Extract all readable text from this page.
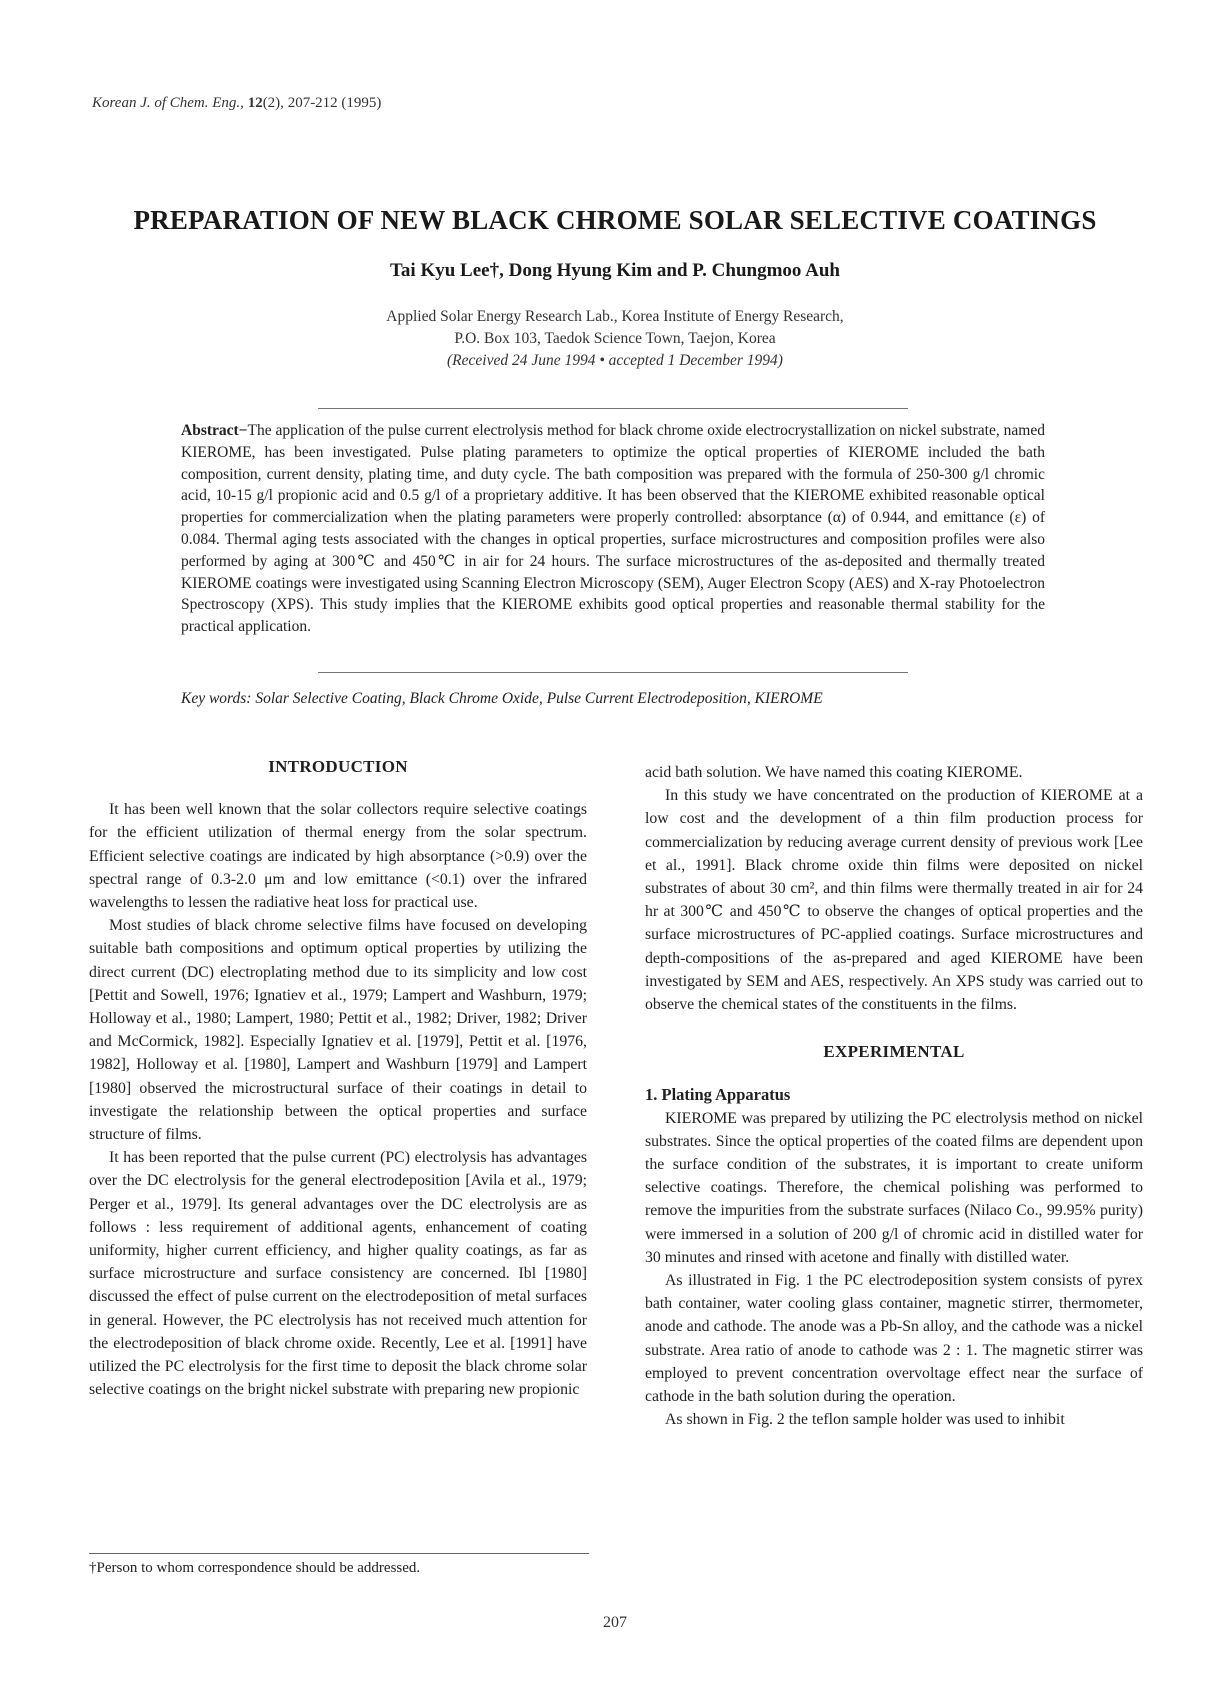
Korean J. of Chem. Eng., 12(2), 207-212 (1995)
PREPARATION OF NEW BLACK CHROME SOLAR SELECTIVE COATINGS
Tai Kyu Lee†, Dong Hyung Kim and P. Chungmoo Auh
Applied Solar Energy Research Lab., Korea Institute of Energy Research,
P.O. Box 103, Taedok Science Town, Taejon, Korea
(Received 24 June 1994 • accepted 1 December 1994)

Abstract−The application of the pulse current electrolysis method for black chrome oxide electrocrystallization on nickel substrate, named KIEROME, has been investigated. Pulse plating parameters to optimize the optical properties of KIEROME included the bath composition, current density, plating time, and duty cycle. The bath composition was prepared with the formula of 250-300 g/l chromic acid, 10-15 g/l propionic acid and 0.5 g/l of a proprietary additive. It has been observed that the KIEROME exhibited reasonable optical properties for commercialization when the plating parameters were properly controlled: absorptance (α) of 0.944, and emittance (ε) of 0.084. Thermal aging tests associated with the changes in optical properties, surface microstructures and composition profiles were also performed by aging at 300℃ and 450℃ in air for 24 hours. The surface microstructures of the as-deposited and thermally treated KIEROME coatings were investigated using Scanning Electron Microscopy (SEM), Auger Electron Scopy (AES) and X-ray Photoelectron Spectroscopy (XPS). This study implies that the KIEROME exhibits good optical properties and reasonable thermal stability for the practical application.

Key words: Solar Selective Coating, Black Chrome Oxide, Pulse Current Electrodeposition, KIEROME
INTRODUCTION

It has been well known that the solar collectors require selective coatings for the efficient utilization of thermal energy from the solar spectrum. Efficient selective coatings are indicated by high absorptance (>0.9) over the spectral range of 0.3-2.0 μm and low emittance (<0.1) over the infrared wavelengths to lessen the radiative heat loss for practical use.

Most studies of black chrome selective films have focused on developing suitable bath compositions and optimum optical properties by utilizing the direct current (DC) electroplating method due to its simplicity and low cost [Pettit and Sowell, 1976; Ignatiev et al., 1979; Lampert and Washburn, 1979; Holloway et al., 1980; Lampert, 1980; Pettit et al., 1982; Driver, 1982; Driver and McCormick, 1982]. Especially Ignatiev et al. [1979], Pettit et al. [1976, 1982], Holloway et al. [1980], Lampert and Washburn [1979] and Lampert [1980] observed the microstructural surface of their coatings in detail to investigate the relationship between the optical properties and surface structure of films.

It has been reported that the pulse current (PC) electrolysis has advantages over the DC electrolysis for the general electrodeposition [Avila et al., 1979; Perger et al., 1979]. Its general advantages over the DC electrolysis are as follows : less requirement of additional agents, enhancement of coating uniformity, higher current efficiency, and higher quality coatings, as far as surface microstructure and surface consistency are concerned. Ibl [1980] discussed the effect of pulse current on the electrodeposition of metal surfaces in general. However, the PC electrolysis has not received much attention for the electrodeposition of black chrome oxide. Recently, Lee et al. [1991] have utilized the PC electrolysis for the first time to deposit the black chrome solar selective coatings on the bright nickel substrate with preparing new propionic

acid bath solution. We have named this coating KIEROME.

In this study we have concentrated on the production of KIEROME at a low cost and the development of a thin film production process for commercialization by reducing average current density of previous work [Lee et al., 1991]. Black chrome oxide thin films were deposited on nickel substrates of about 30 cm², and thin films were thermally treated in air for 24 hr at 300℃ and 450℃ to observe the changes of optical properties and the surface microstructures of PC-applied coatings. Surface microstructures and depth-compositions of the as-prepared and aged KIEROME have been investigated by SEM and AES, respectively. An XPS study was carried out to observe the chemical states of the constituents in the films.

EXPERIMENTAL
1. Plating Apparatus

KIEROME was prepared by utilizing the PC electrolysis method on nickel substrates. Since the optical properties of the coated films are dependent upon the surface condition of the substrates, it is important to create uniform selective coatings. Therefore, the chemical polishing was performed to remove the impurities from the substrate surfaces (Nilaco Co., 99.95% purity) were immersed in a solution of 200 g/l of chromic acid in distilled water for 30 minutes and rinsed with acetone and finally with distilled water.

As illustrated in Fig. 1 the PC electrodeposition system consists of pyrex bath container, water cooling glass container, magnetic stirrer, thermometer, anode and cathode. The anode was a Pb-Sn alloy, and the cathode was a nickel substrate. Area ratio of anode to cathode was 2 : 1. The magnetic stirrer was employed to prevent concentration overvoltage effect near the surface of cathode in the bath solution during the operation.

As shown in Fig. 2 the teflon sample holder was used to inhibit

†Person to whom correspondence should be addressed.
207
